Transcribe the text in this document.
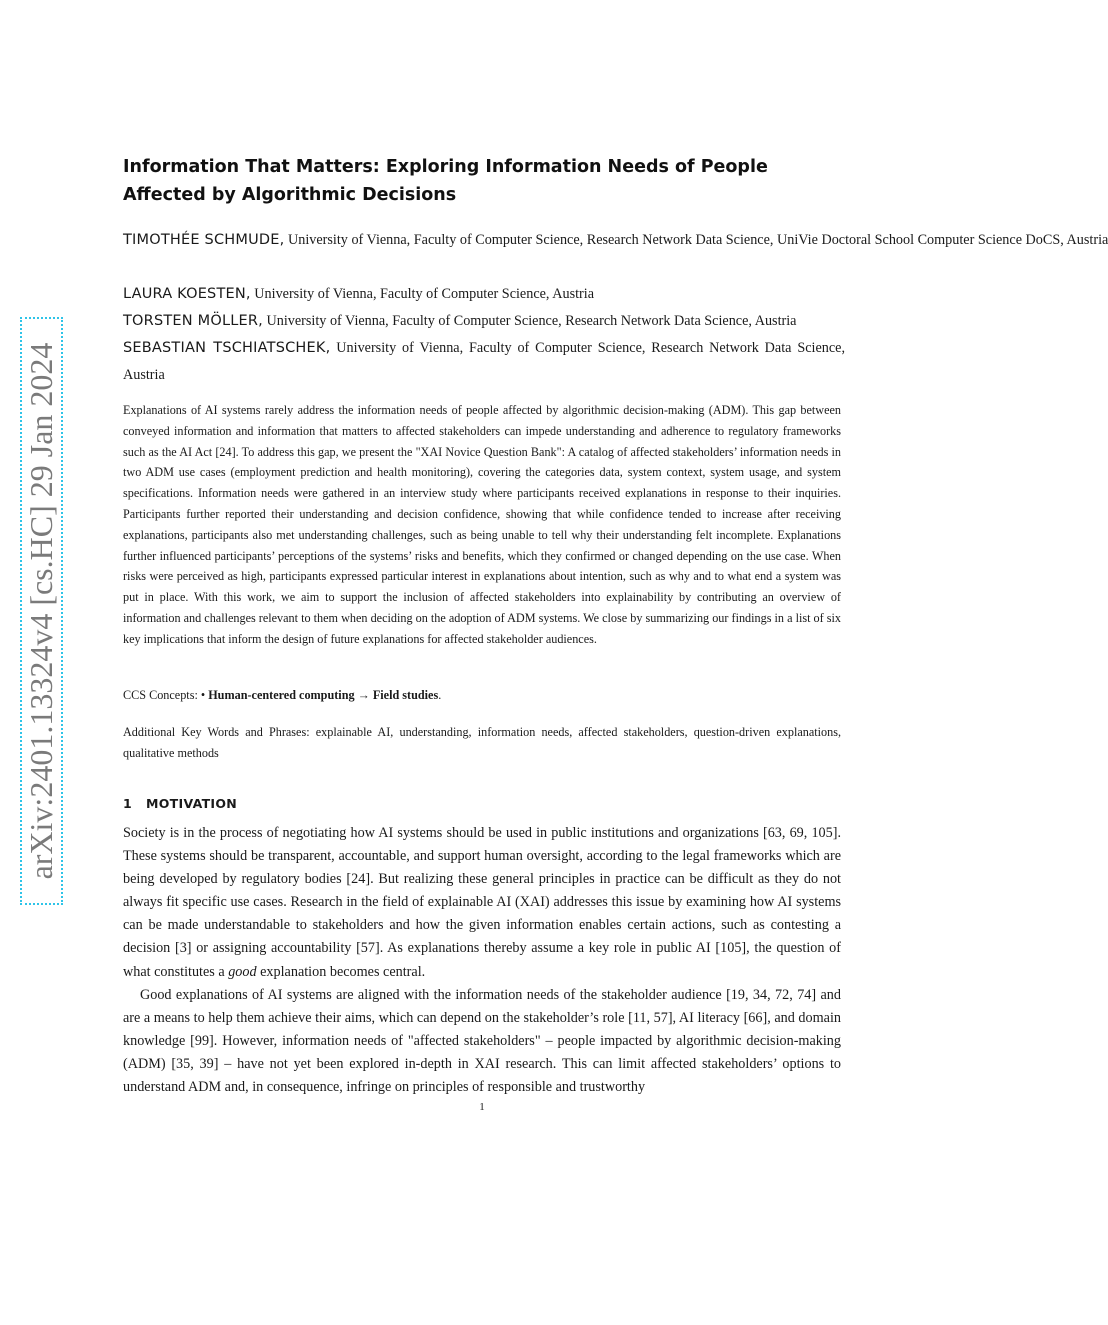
arXiv:2401.13324v4 [cs.HC] 29 Jan 2024
Information That Matters: Exploring Information Needs of People Affected by Algorithmic Decisions

TIMOTHÉE SCHMUDE, University of Vienna, Faculty of Computer Science, Research Network Data Science, UniVie Doctoral School Computer Science DoCS, Austria

LAURA KOESTEN, University of Vienna, Faculty of Computer Science, Austria

TORSTEN MÖLLER, University of Vienna, Faculty of Computer Science, Research Network Data Science, Austria

SEBASTIAN TSCHIATSCHEK, University of Vienna, Faculty of Computer Science, Research Network Data Science, Austria

Explanations of AI systems rarely address the information needs of people affected by algorithmic decision-making (ADM). This gap between conveyed information and information that matters to affected stakeholders can impede understanding and adherence to regulatory frameworks such as the AI Act [24]. To address this gap, we present the "XAI Novice Question Bank": A catalog of affected stakeholders’ information needs in two ADM use cases (employment prediction and health monitoring), covering the categories data, system context, system usage, and system specifications. Information needs were gathered in an interview study where participants received explanations in response to their inquiries. Participants further reported their understanding and decision confidence, showing that while confidence tended to increase after receiving explanations, participants also met understanding challenges, such as being unable to tell why their understanding felt incomplete. Explanations further influenced participants’ perceptions of the systems’ risks and benefits, which they confirmed or changed depending on the use case. When risks were perceived as high, participants expressed particular interest in explanations about intention, such as why and to what end a system was put in place. With this work, we aim to support the inclusion of affected stakeholders into explainability by contributing an overview of information and challenges relevant to them when deciding on the adoption of ADM systems. We close by summarizing our findings in a list of six key implications that inform the design of future explanations for affected stakeholder audiences.

CCS Concepts: • Human-centered computing → Field studies.

Additional Key Words and Phrases: explainable AI, understanding, information needs, affected stakeholders, question-driven explanations, qualitative methods

1 MOTIVATION

Society is in the process of negotiating how AI systems should be used in public institutions and organizations [63, 69, 105]. These systems should be transparent, accountable, and support human oversight, according to the legal frameworks which are being developed by regulatory bodies [24]. But realizing these general principles in practice can be difficult as they do not always fit specific use cases. Research in the field of explainable AI (XAI) addresses this issue by examining how AI systems can be made understandable to stakeholders and how the given information enables certain actions, such as contesting a decision [3] or assigning accountability [57]. As explanations thereby assume a key role in public AI [105], the question of what constitutes a good explanation becomes central.

Good explanations of AI systems are aligned with the information needs of the stakeholder audience [19, 34, 72, 74] and are a means to help them achieve their aims, which can depend on the stakeholder’s role [11, 57], AI literacy [66], and domain knowledge [99]. However, information needs of "affected stakeholders" – people impacted by algorithmic decision-making (ADM) [35, 39] – have not yet been explored in-depth in XAI research. This can limit affected stakeholders’ options to understand ADM and, in consequence, infringe on principles of responsible and trustworthy

1
